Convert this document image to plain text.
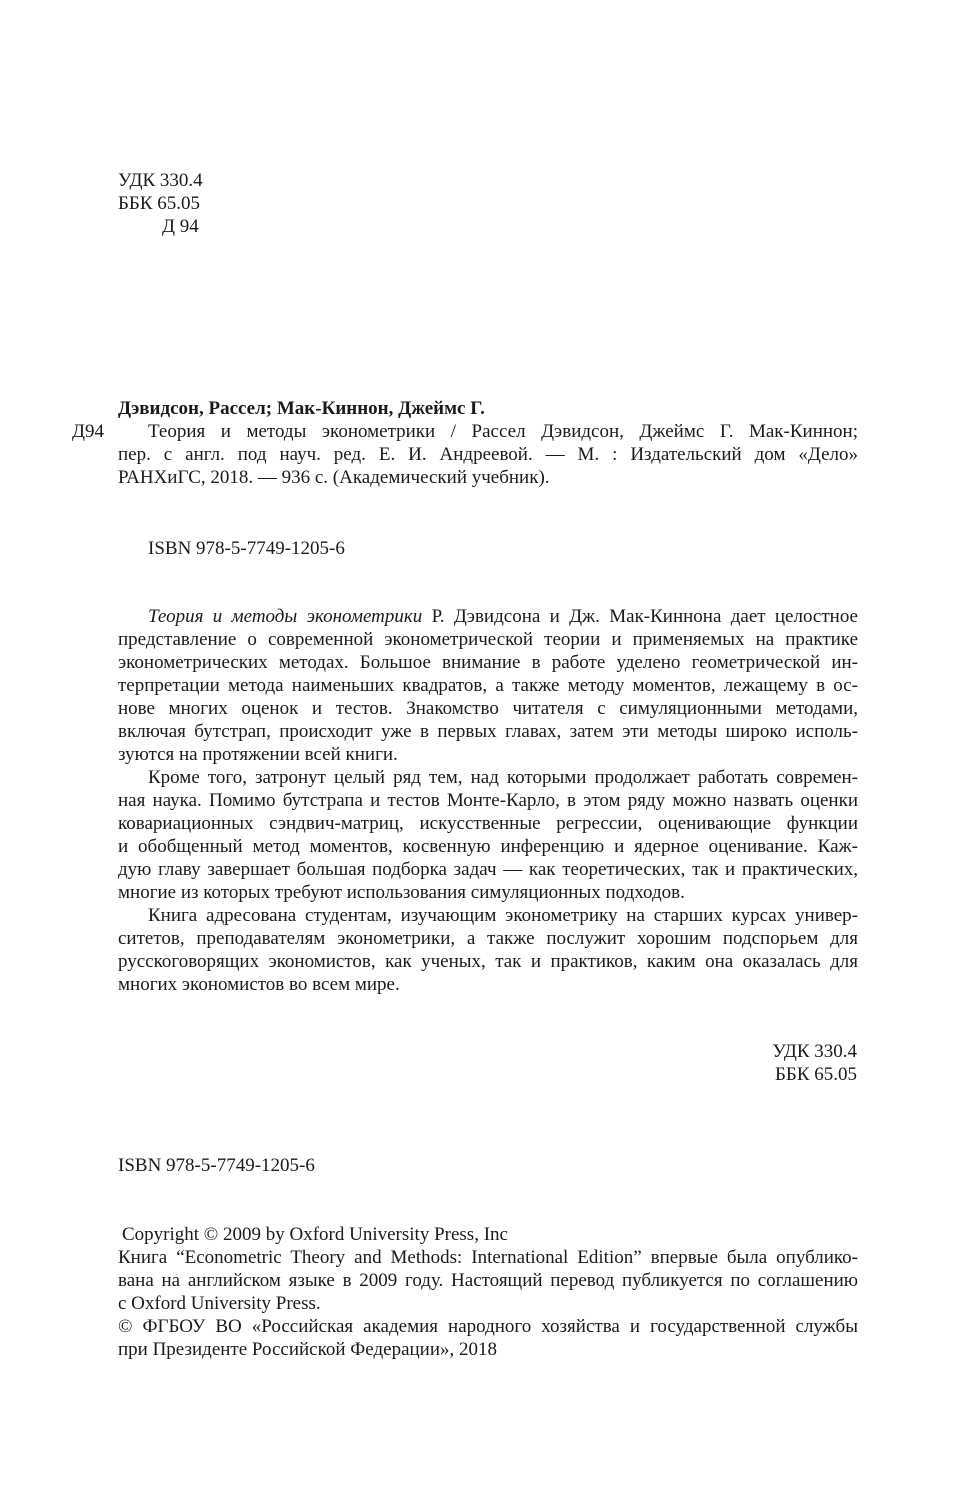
УДК 330.4
ББК 65.05
Д 94
Д94
Дэвидсон, Рассел; Мак-Киннон, Джеймс Г.
Теория и методы эконометрики / Рассел Дэвидсон, Джеймс Г. Мак-Киннон;
пер. с англ. под науч. ред. Е. И. Андреевой. — М. : Издательский дом «Дело»
РАНХиГС, 2018. — 936 с. (Академический учебник).
ISBN 978-5-7749-1205-6
Теория и методы эконометрики Р. Дэвидсона и Дж. Мак-Киннона дает целостное
представление о современной эконометрической теории и применяемых на практике
эконометрических методах. Большое внимание в работе уделено геометрической ин-
терпретации метода наименьших квадратов, а также методу моментов, лежащему в ос-
нове многих оценок и тестов. Знакомство читателя с симуляционными методами,
включая бутстрап, происходит уже в первых главах, затем эти методы широко исполь-
зуются на протяжении всей книги.
Кроме того, затронут целый ряд тем, над которыми продолжает работать современ-
ная наука. Помимо бутстрапа и тестов Монте-Карло, в этом ряду можно назвать оценки
ковариационных сэндвич-матриц, искусственные регрессии, оценивающие функции
и обобщенный метод моментов, косвенную инференцию и ядерное оценивание. Каж-
дую главу завершает большая подборка задач — как теоретических, так и практических,
многие из которых требуют использования симуляционных подходов.
Книга адресована студентам, изучающим эконометрику на старших курсах универ-
ситетов, преподавателям эконометрики, а также послужит хорошим подспорьем для
русскоговорящих экономистов, как ученых, так и практиков, каким она оказалась для
многих экономистов во всем мире.
УДК 330.4
ББК 65.05
ISBN 978-5-7749-1205-6
Copyright © 2009 by Oxford University Press, Inc
Книга “Econometric Theory and Methods: International Edition” впервые была опублико-
вана на английском языке в 2009 году. Настоящий перевод публикуется по соглашению
с Oxford University Press.
© ФГБОУ ВО «Российская академия народного хозяйства и государственной службы
при Президенте Российской Федерации», 2018
